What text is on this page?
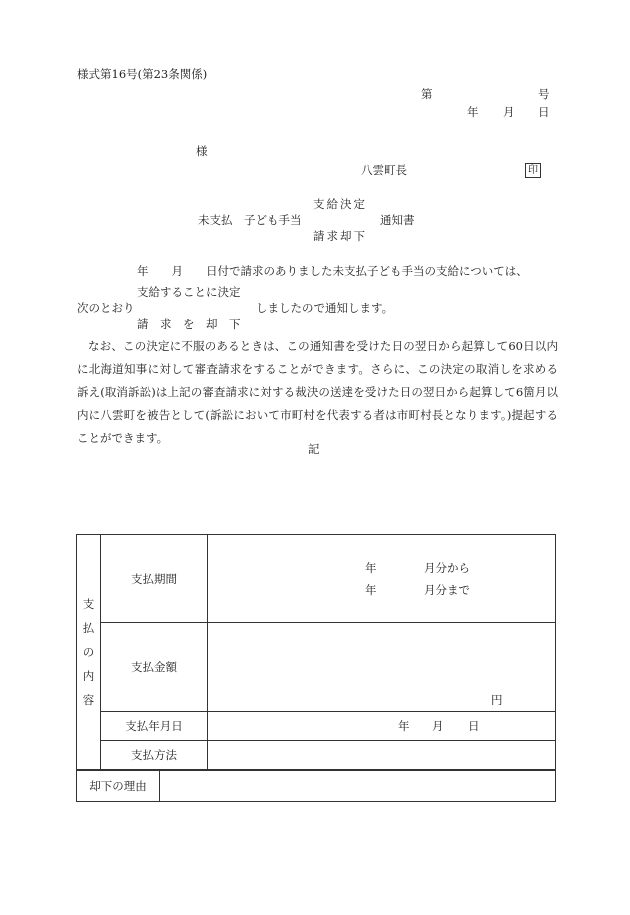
様式第16号(第23条関係)
第	号
年 月 日
様
八雲町長	印
支給決定
未支払　子ども手当	通知書
請求却下
年　　月　　日付で請求のありました未支払子ども手当の支給については、
支給することに決定
次のとおり	しましたので通知します。
請　求　を　却　下
なお、この決定に不服のあるときは、この通知書を受けた日の翌日から起算して60日以内に北海道知事に対して審査請求をすることができます。さらに、この決定の取消しを求める訴え(取消訴訟)は上記の審査請求に対する裁決の送達を受けた日の翌日から起算して6箇月以内に八雲町を被告として(訴訟において市町村を代表する者は市町村長となります。)提起することができます。
記
支
払
の
内
容	支払期間	年 月分から
年 月分まで

	支払金額	円

	支払年月日	年 月 日

	支払方法	
却下の理由	
